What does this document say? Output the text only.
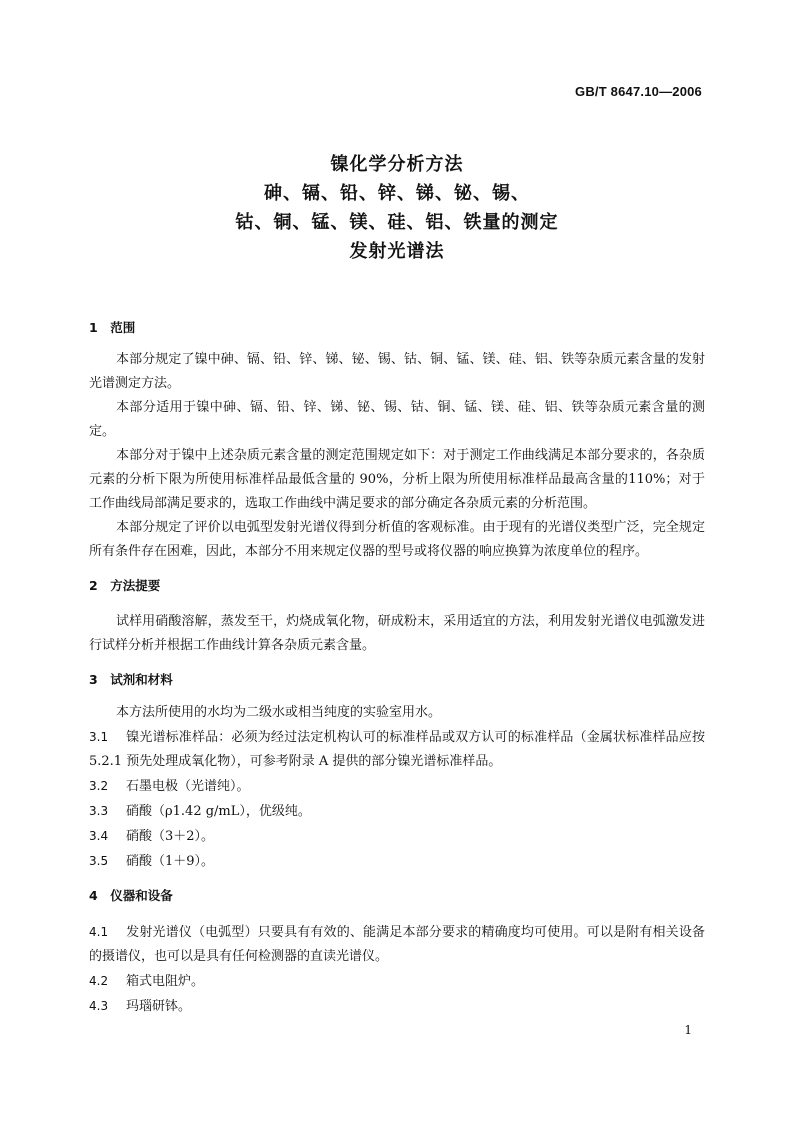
GB/T 8647.10—2006
镍化学分析方法
砷、镉、铅、锌、锑、铋、锡、
钴、铜、锰、镁、硅、铝、铁量的测定
发射光谱法
1　范围
本部分规定了镍中砷、镉、铅、锌、锑、铋、锡、钴、铜、锰、镁、硅、铝、铁等杂质元素含量的发射光谱测定方法。
本部分适用于镍中砷、镉、铅、锌、锑、铋、锡、钴、铜、锰、镁、硅、铝、铁等杂质元素含量的测定。
本部分对于镍中上述杂质元素含量的测定范围规定如下：对于测定工作曲线满足本部分要求的，各杂质元素的分析下限为所使用标准样品最低含量的 90%，分析上限为所使用标准样品最高含量的110%；对于工作曲线局部满足要求的，选取工作曲线中满足要求的部分确定各杂质元素的分析范围。
本部分规定了评价以电弧型发射光谱仪得到分析值的客观标准。由于现有的光谱仪类型广泛，完全规定所有条件存在困难，因此，本部分不用来规定仪器的型号或将仪器的响应换算为浓度单位的程序。
2　方法提要
试样用硝酸溶解，蒸发至干，灼烧成氧化物，研成粉末，采用适宜的方法，利用发射光谱仪电弧激发进行试样分析并根据工作曲线计算各杂质元素含量。
3　试剂和材料
本方法所使用的水均为二级水或相当纯度的实验室用水。
3.1 镍光谱标准样品：必须为经过法定机构认可的标准样品或双方认可的标准样品（金属状标准样品应按 5.2.1 预先处理成氧化物），可参考附录 A 提供的部分镍光谱标准样品。
3.2 石墨电极（光谱纯）。
3.3 硝酸（ρ1.42 g/mL），优级纯。
3.4 硝酸（3＋2）。
3.5 硝酸（1＋9）。
4　仪器和设备
4.1 发射光谱仪（电弧型）只要具有有效的、能满足本部分要求的精确度均可使用。可以是附有相关设备的摄谱仪，也可以是具有任何检测器的直读光谱仪。
4.2 箱式电阻炉。
4.3 玛瑙研钵。
1
